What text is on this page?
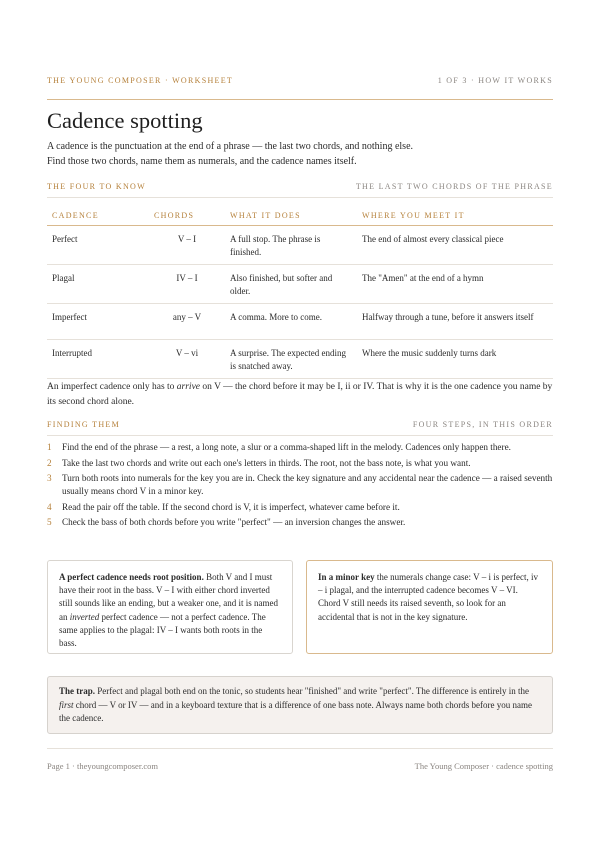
THE YOUNG COMPOSER · WORKSHEET	1 OF 3 · HOW IT WORKS
Cadence spotting

A cadence is the punctuation at the end of a phrase — the last two chords, and nothing else.
Find those two chords, name them as numerals, and the cadence names itself.

THE FOUR TO KNOW	THE LAST TWO CHORDS OF THE PHRASE
CADENCE	CHORDS	WHAT IT DOES	WHERE YOU MEET IT
Perfect	V – I	A full stop. The phrase is finished.	The end of almost every classical piece
Plagal	IV – I	Also finished, but softer and older.	The "Amen" at the end of a hymn
Imperfect	any – V	A comma. More to come.	Halfway through a tune, before it answers itself
Interrupted	V – vi	A surprise. The expected ending is snatched away.	Where the music suddenly turns dark

An imperfect cadence only has to arrive on V — the chord before it may be I, ii or IV. That is why it is the one cadence you name by its second chord alone.

FINDING THEM	FOUR STEPS, IN THIS ORDER
1	Find the end of the phrase — a rest, a long note, a slur or a comma-shaped lift in the melody. Cadences only happen there.
2	Take the last two chords and write out each one's letters in thirds. The root, not the bass note, is what you want.
3	Turn both roots into numerals for the key you are in. Check the key signature and any accidental near the cadence — a raised seventh usually means chord V in a minor key.
4	Read the pair off the table. If the second chord is V, it is imperfect, whatever came before it.
5	Check the bass of both chords before you write "perfect" — an inversion changes the answer.

A perfect cadence needs root position. Both V and I must have their root in the bass. V – I with either chord inverted still sounds like an ending, but a weaker one, and it is named an inverted perfect cadence — not a perfect cadence. The same applies to the plagal: IV – I wants both roots in the bass.

In a minor key the numerals change case: V – i is perfect, iv – i plagal, and the interrupted cadence becomes V – VI. Chord V still needs its raised seventh, so look for an accidental that is not in the key signature.

The trap. Perfect and plagal both end on the tonic, so students hear "finished" and write "perfect". The difference is entirely in the first chord — V or IV — and in a keyboard texture that is a difference of one bass note. Always name both chords before you name the cadence.

Page 1 · theyoungcomposer.com	The Young Composer · cadence spotting
